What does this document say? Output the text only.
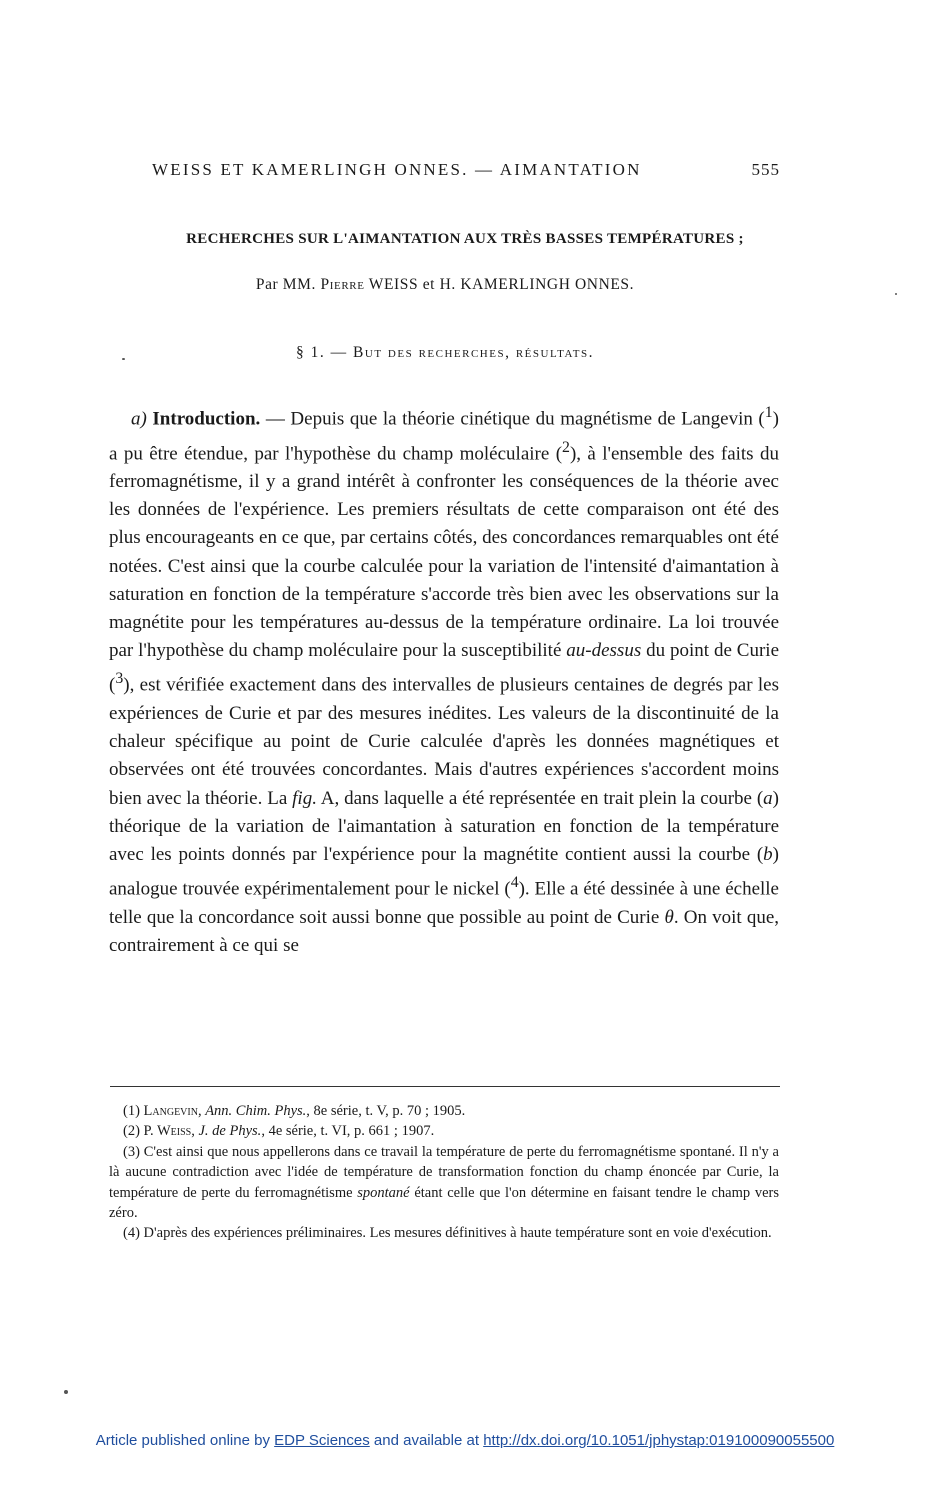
WEISS ET KAMERLINGH ONNES. — AIMANTATION	555
RECHERCHES SUR L'AIMANTATION AUX TRÈS BASSES TEMPÉRATURES ;
Par MM. Pierre WEISS et H. KAMERLINGH ONNES.
§ 1. — But des recherches, résultats.

a) Introduction. — Depuis que la théorie cinétique du magnétisme de Langevin ($^1$) a pu être étendue, par l'hypothèse du champ moléculaire ($^2$), à l'ensemble des faits du ferromagnétisme, il y a grand intérêt à confronter les conséquences de la théorie avec les données de l'expérience. Les premiers résultats de cette comparaison ont été des plus encourageants en ce que, par certains côtés, des concordances remarquables ont été notées. C'est ainsi que la courbe calculée pour la variation de l'intensité d'aimantation à saturation en fonction de la température s'accorde très bien avec les observations sur la magnétite pour les températures au-dessus de la température ordinaire. La loi trouvée par l'hypothèse du champ moléculaire pour la susceptibilité au-dessus du point de Curie ($^3$), est vérifiée exactement dans des intervalles de plusieurs centaines de degrés par les expériences de Curie et par des mesures inédites. Les valeurs de la discontinuité de la chaleur spécifique au point de Curie calculée d'après les données magnétiques et observées ont été trouvées concordantes. Mais d'autres expériences s'accordent moins bien avec la théorie. La fig. A, dans laquelle a été représentée en trait plein la courbe (a) théorique de la variation de l'aimantation à saturation en fonction de la température avec les points donnés par l'expérience pour la magnétite contient aussi la courbe (b) analogue trouvée expérimentalement pour le nickel ($^4$). Elle a été dessinée à une échelle telle que la concordance soit aussi bonne que possible au point de Curie θ. On voit que, contrairement à ce qui se

(1) Langevin, Ann. Chim. Phys., 8e série, t. V, p. 70 ; 1905.

(2) P. Weiss, J. de Phys., 4e série, t. VI, p. 661 ; 1907.

(3) C'est ainsi que nous appellerons dans ce travail la température de perte du ferromagnétisme spontané. Il n'y a là aucune contradiction avec l'idée de température de transformation fonction du champ énoncée par Curie, la température de perte du ferromagnétisme spontané étant celle que l'on détermine en faisant tendre le champ vers zéro.

(4) D'après des expériences préliminaires. Les mesures définitives à haute température sont en voie d'exécution.

Article published online by EDP Sciences and available at http://dx.doi.org/10.1051/jphystap:019100090055500
